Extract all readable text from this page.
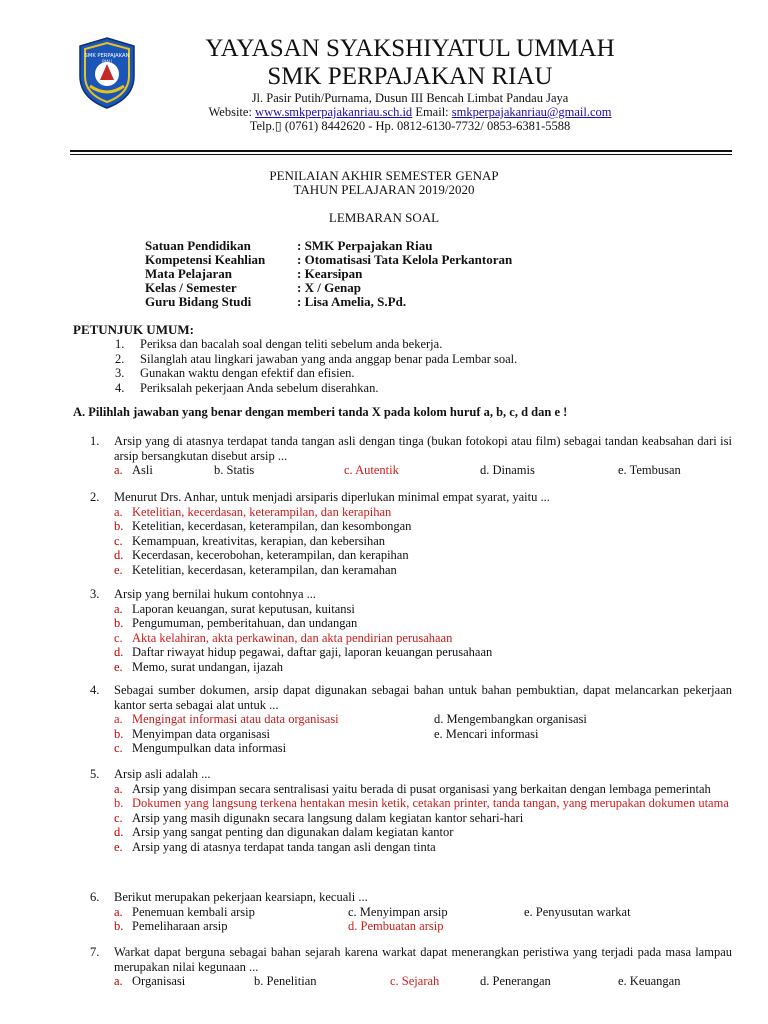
SMK PERPAJAKAN
RIAU	YAYASAN SYAKSHIYATUL UMMAH
SMK PERPAJAKAN RIAU
Jl. Pasir Putih/Purnama, Dusun III Bencah Limbat Pandau Jaya
Website: www.smkperpajakanriau.sch.id Email: smkperpajakanriau@gmail.com
Telp.▯ (0761) 8442620 - Hp. 0812-6130-7732/ 0853-6381-5588
PENILAIAN AKHIR SEMESTER GENAP
TAHUN PELAJARAN 2019/2020
LEMBARAN SOAL
Satuan Pendidikan	: SMK Perpajakan Riau
Kompetensi Keahlian	: Otomatisasi Tata Kelola Perkantoran
Mata Pelajaran	: Kearsipan
Kelas / Semester	: X / Genap
Guru Bidang Studi	: Lisa Amelia, S.Pd.
PETUNJUK UMUM:
1.	Periksa dan bacalah soal dengan teliti sebelum anda bekerja.
2.	Silanglah atau lingkari jawaban yang anda anggap benar pada Lembar soal.
3.	Gunakan waktu dengan efektif dan efisien.
4.	Periksalah pekerjaan Anda sebelum diserahkan.
A. Pilihlah jawaban yang benar dengan memberi tanda X pada kolom huruf a, b, c, d dan e !
1. Arsip yang di atasnya terdapat tanda tangan asli dengan tinga (bukan fotokopi atau film) sebagai tandan keabsahan dari isi arsip bersangkutan disebut arsip ...
a. Asli	b. Statis	c. Autentik	d. Dinamis	e. Tembusan
2. Menurut Drs. Anhar, untuk menjadi arsiparis diperlukan minimal empat syarat, yaitu ...
a. Ketelitian, kecerdasan, keterampilan, dan kerapihan
b. Ketelitian, kecerdasan, keterampilan, dan kesombongan
c. Kemampuan, kreativitas, kerapian, dan kebersihan
d. Kecerdasan, kecerobohan, keterampilan, dan kerapihan
e. Ketelitian, kecerdasan, keterampilan, dan keramahan
3. Arsip yang bernilai hukum contohnya ...
a. Laporan keuangan, surat keputusan, kuitansi
b. Pengumuman, pemberitahuan, dan undangan
c. Akta kelahiran, akta perkawinan, dan akta pendirian perusahaan
d. Daftar riwayat hidup pegawai, daftar gaji, laporan keuangan perusahaan
e. Memo, surat undangan, ijazah
4. Sebagai sumber dokumen, arsip dapat digunakan sebagai bahan untuk bahan pembuktian, dapat melancarkan pekerjaan kantor serta sebagai alat untuk ...
a. Mengingat informasi atau data organisasi	d. Mengembangkan organisasi
b. Menyimpan data organisasi	e. Mencari informasi
c. Mengumpulkan data informasi
5. Arsip asli adalah ...
a. Arsip yang disimpan secara sentralisasi yaitu berada di pusat organisasi yang berkaitan dengan lembaga pemerintah
b. Dokumen yang langsung terkena hentakan mesin ketik, cetakan printer, tanda tangan, yang merupakan dokumen utama
c. Arsip yang masih digunakn secara langsung dalam kegiatan kantor sehari-hari
d. Arsip yang sangat penting dan digunakan dalam kegiatan kantor
e. Arsip yang di atasnya terdapat tanda tangan asli dengan tinta
6. Berikut merupakan pekerjaan kearsiapn, kecuali ...
a. Penemuan kembali arsip	c. Menyimpan arsip	e. Penyusutan warkat
b. Pemeliharaan arsip	d. Pembuatan arsip
7. Warkat dapat berguna sebagai bahan sejarah karena warkat dapat menerangkan peristiwa yang terjadi pada masa lampau merupakan nilai kegunaan ...
a. Organisasi	b. Penelitian	c. Sejarah	d. Penerangan	e. Keuangan
